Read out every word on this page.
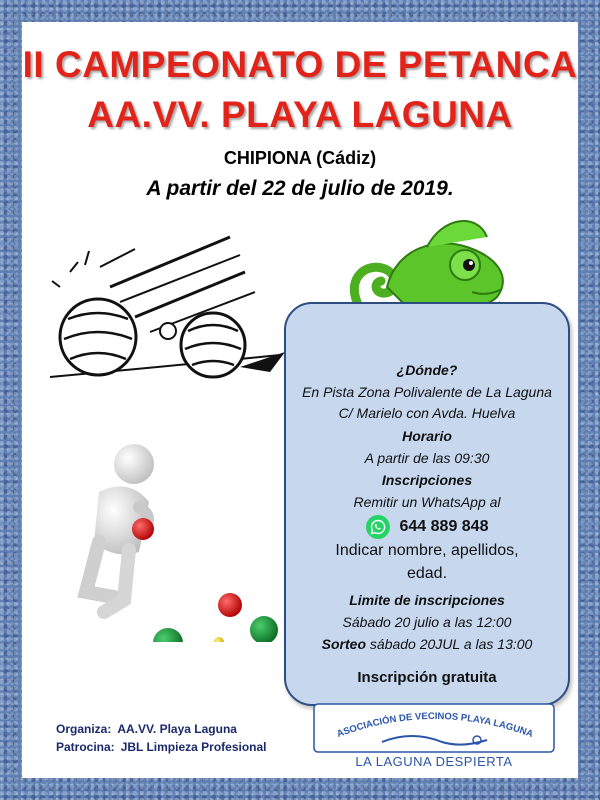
II CAMPEONATO DE PETANCA
AA.VV. PLAYA LAGUNA
CHIPIONA (Cádiz)
A partir del 22 de julio de 2019.
¿Dónde?
En Pista Zona Polivalente de La Laguna
C/ Marielo con Avda. Huelva
Horario
A partir de las 09:30
Inscripciones
Remitir un WhatsApp al
644 889 848
Indicar nombre, apellidos,
edad.
Limite de inscripciones
Sábado 20 julio a las 12:00
Sorteo sábado 20JUL a las 13:00
Inscripción gratuita
Organiza: AA.VV. Playa Laguna
Patrocina: JBL Limpieza Profesional
ASOCIACIÓN DE VECINOS PLAYA LAGUNA
LA LAGUNA DESPIERTA
